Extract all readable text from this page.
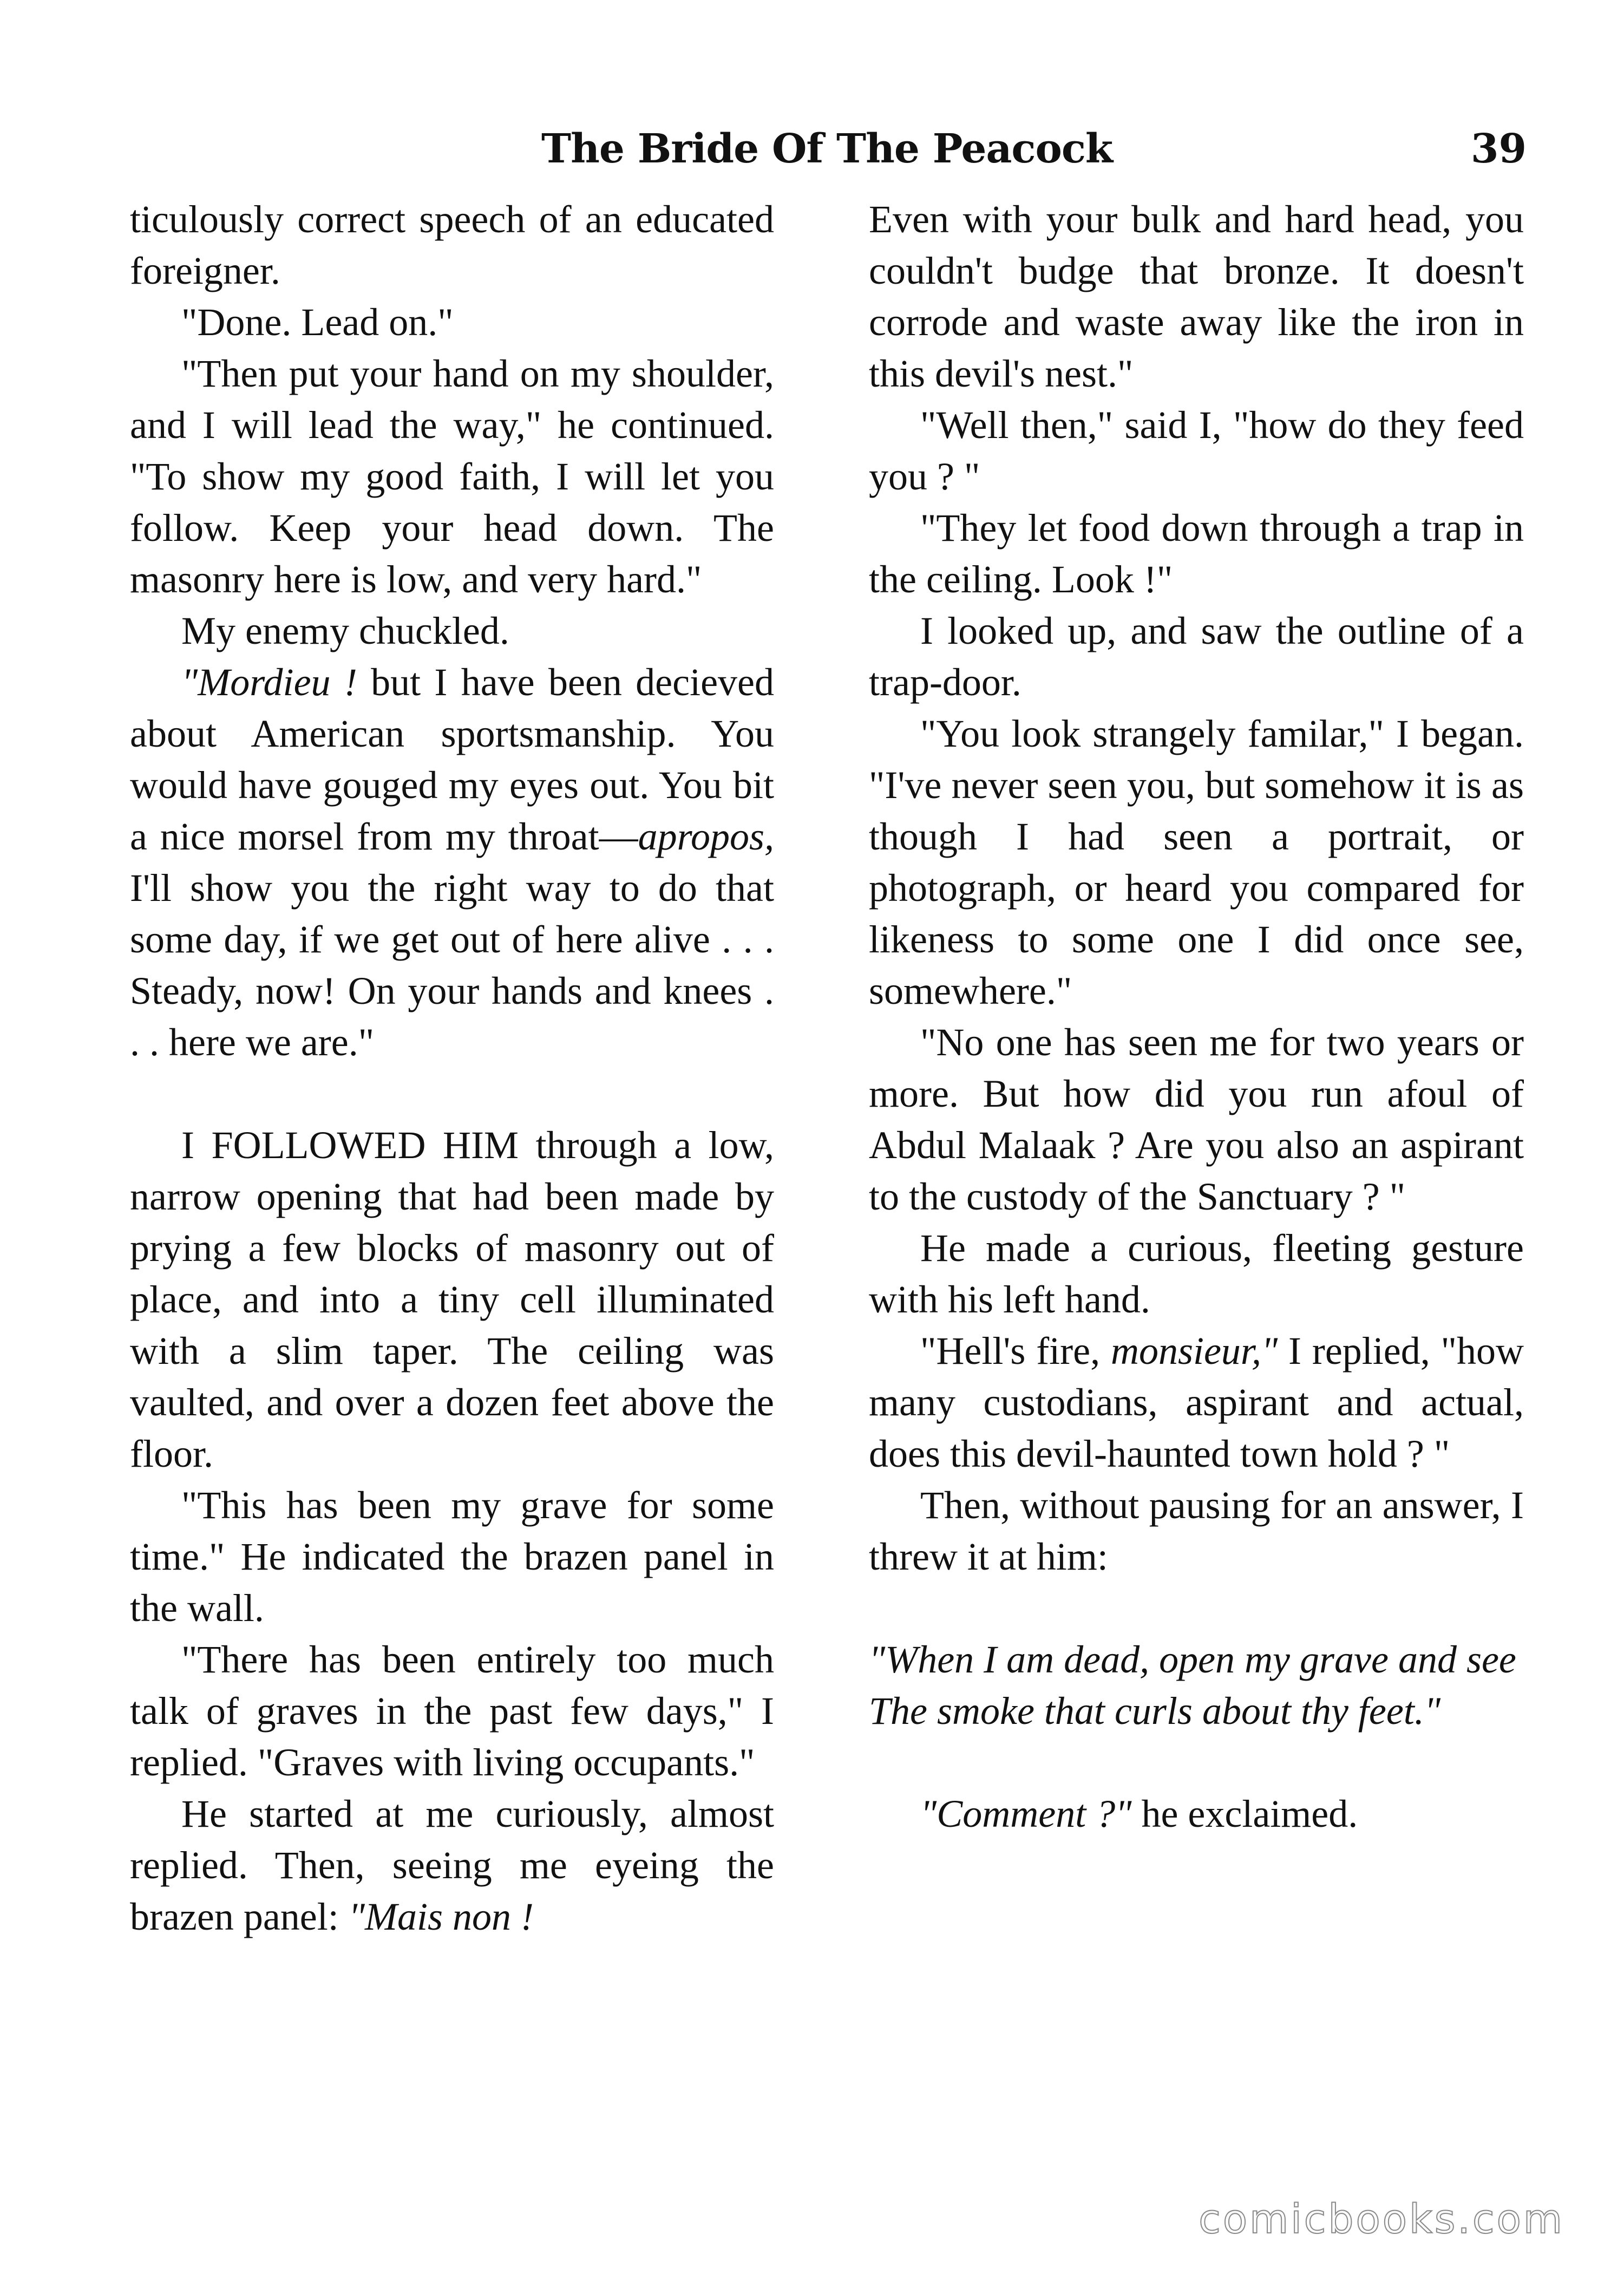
The Bride Of The Peacock	39

ticulously correct speech of an educated foreigner.

"Done. Lead on."

"Then put your hand on my shoulder, and I will lead the way," he continued. "To show my good faith, I will let you follow. Keep your head down. The masonry here is low, and very hard."

My enemy chuckled.

"Mordieu ! but I have been decieved about American sportsmanship. You would have gouged my eyes out. You bit a nice morsel from my throat—apropos, I'll show you the right way to do that some day, if we get out of here alive . . . Steady, now! On your hands and knees . . . here we are."

I FOLLOWED HIM through a low, narrow opening that had been made by prying a few blocks of masonry out of place, and into a tiny cell illuminated with a slim taper. The ceiling was vaulted, and over a dozen feet above the floor.

"This has been my grave for some time." He indicated the brazen panel in the wall.

"There has been entirely too much talk of graves in the past few days," I replied. "Graves with living occupants."

He started at me curiously, almost replied. Then, seeing me eyeing the brazen panel: "Mais non !

Even with your bulk and hard head, you couldn't budge that bronze. It doesn't corrode and waste away like the iron in this devil's nest."

"Well then," said I, "how do they feed you ? "

"They let food down through a trap in the ceiling. Look !"

I looked up, and saw the outline of a trap-door.

"You look strangely familar," I began. "I've never seen you, but somehow it is as though I had seen a portrait, or photograph, or heard you compared for likeness to some one I did once see, somewhere."

"No one has seen me for two years or more. But how did you run afoul of Abdul Malaak ? Are you also an aspirant to the custody of the Sanctuary ? "

He made a curious, fleeting gesture with his left hand.

"Hell's fire, monsieur," I replied, "how many custodians, aspirant and actual, does this devil-haunted town hold ? "

Then, without pausing for an answer, I threw it at him:

"When I am dead, open my grave and see

The smoke that curls about thy feet."

"Comment ?" he exclaimed.

comicbooks.com
